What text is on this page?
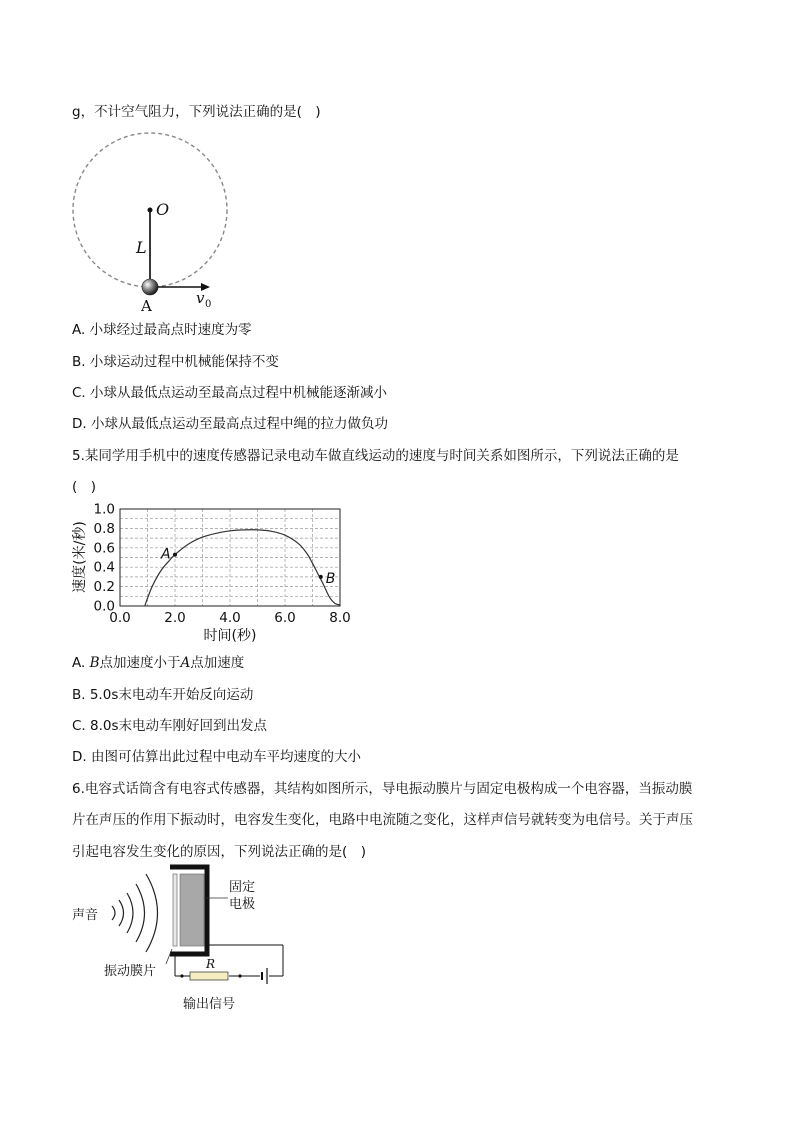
g，不计空气阻力，下列说法正确的是(　)
O
L
A	v 0
A. 小球经过最高点时速度为零
B. 小球运动过程中机械能保持不变
C. 小球从最低点运动至最高点过程中机械能逐渐减小
D. 小球从最低点运动至最高点过程中绳的拉力做负功
5.某同学用手机中的速度传感器记录电动车做直线运动的速度与时间关系如图所示，下列说法正确的是
(　)
0.0
0.2
0.4
0.6
0.8
1.0
0.0 2.0 4.0 6.0 8.0
A
B
速度(米/秒)
时间(秒)
A. B点加速度小于A点加速度
B. 5.0s末电动车开始反向运动
C. 8.0s末电动车刚好回到出发点
D. 由图可估算出此过程中电动车平均速度的大小
6.电容式话筒含有电容式传感器，其结构如图所示，导电振动膜片与固定电极构成一个电容器，当振动膜
片在声压的作用下振动时，电容发生变化，电路中电流随之变化，这样声信号就转变为电信号。关于声压
引起电容发生变化的原因，下列说法正确的是(　)
声音
固定
电极
R
振动膜片
输出信号
